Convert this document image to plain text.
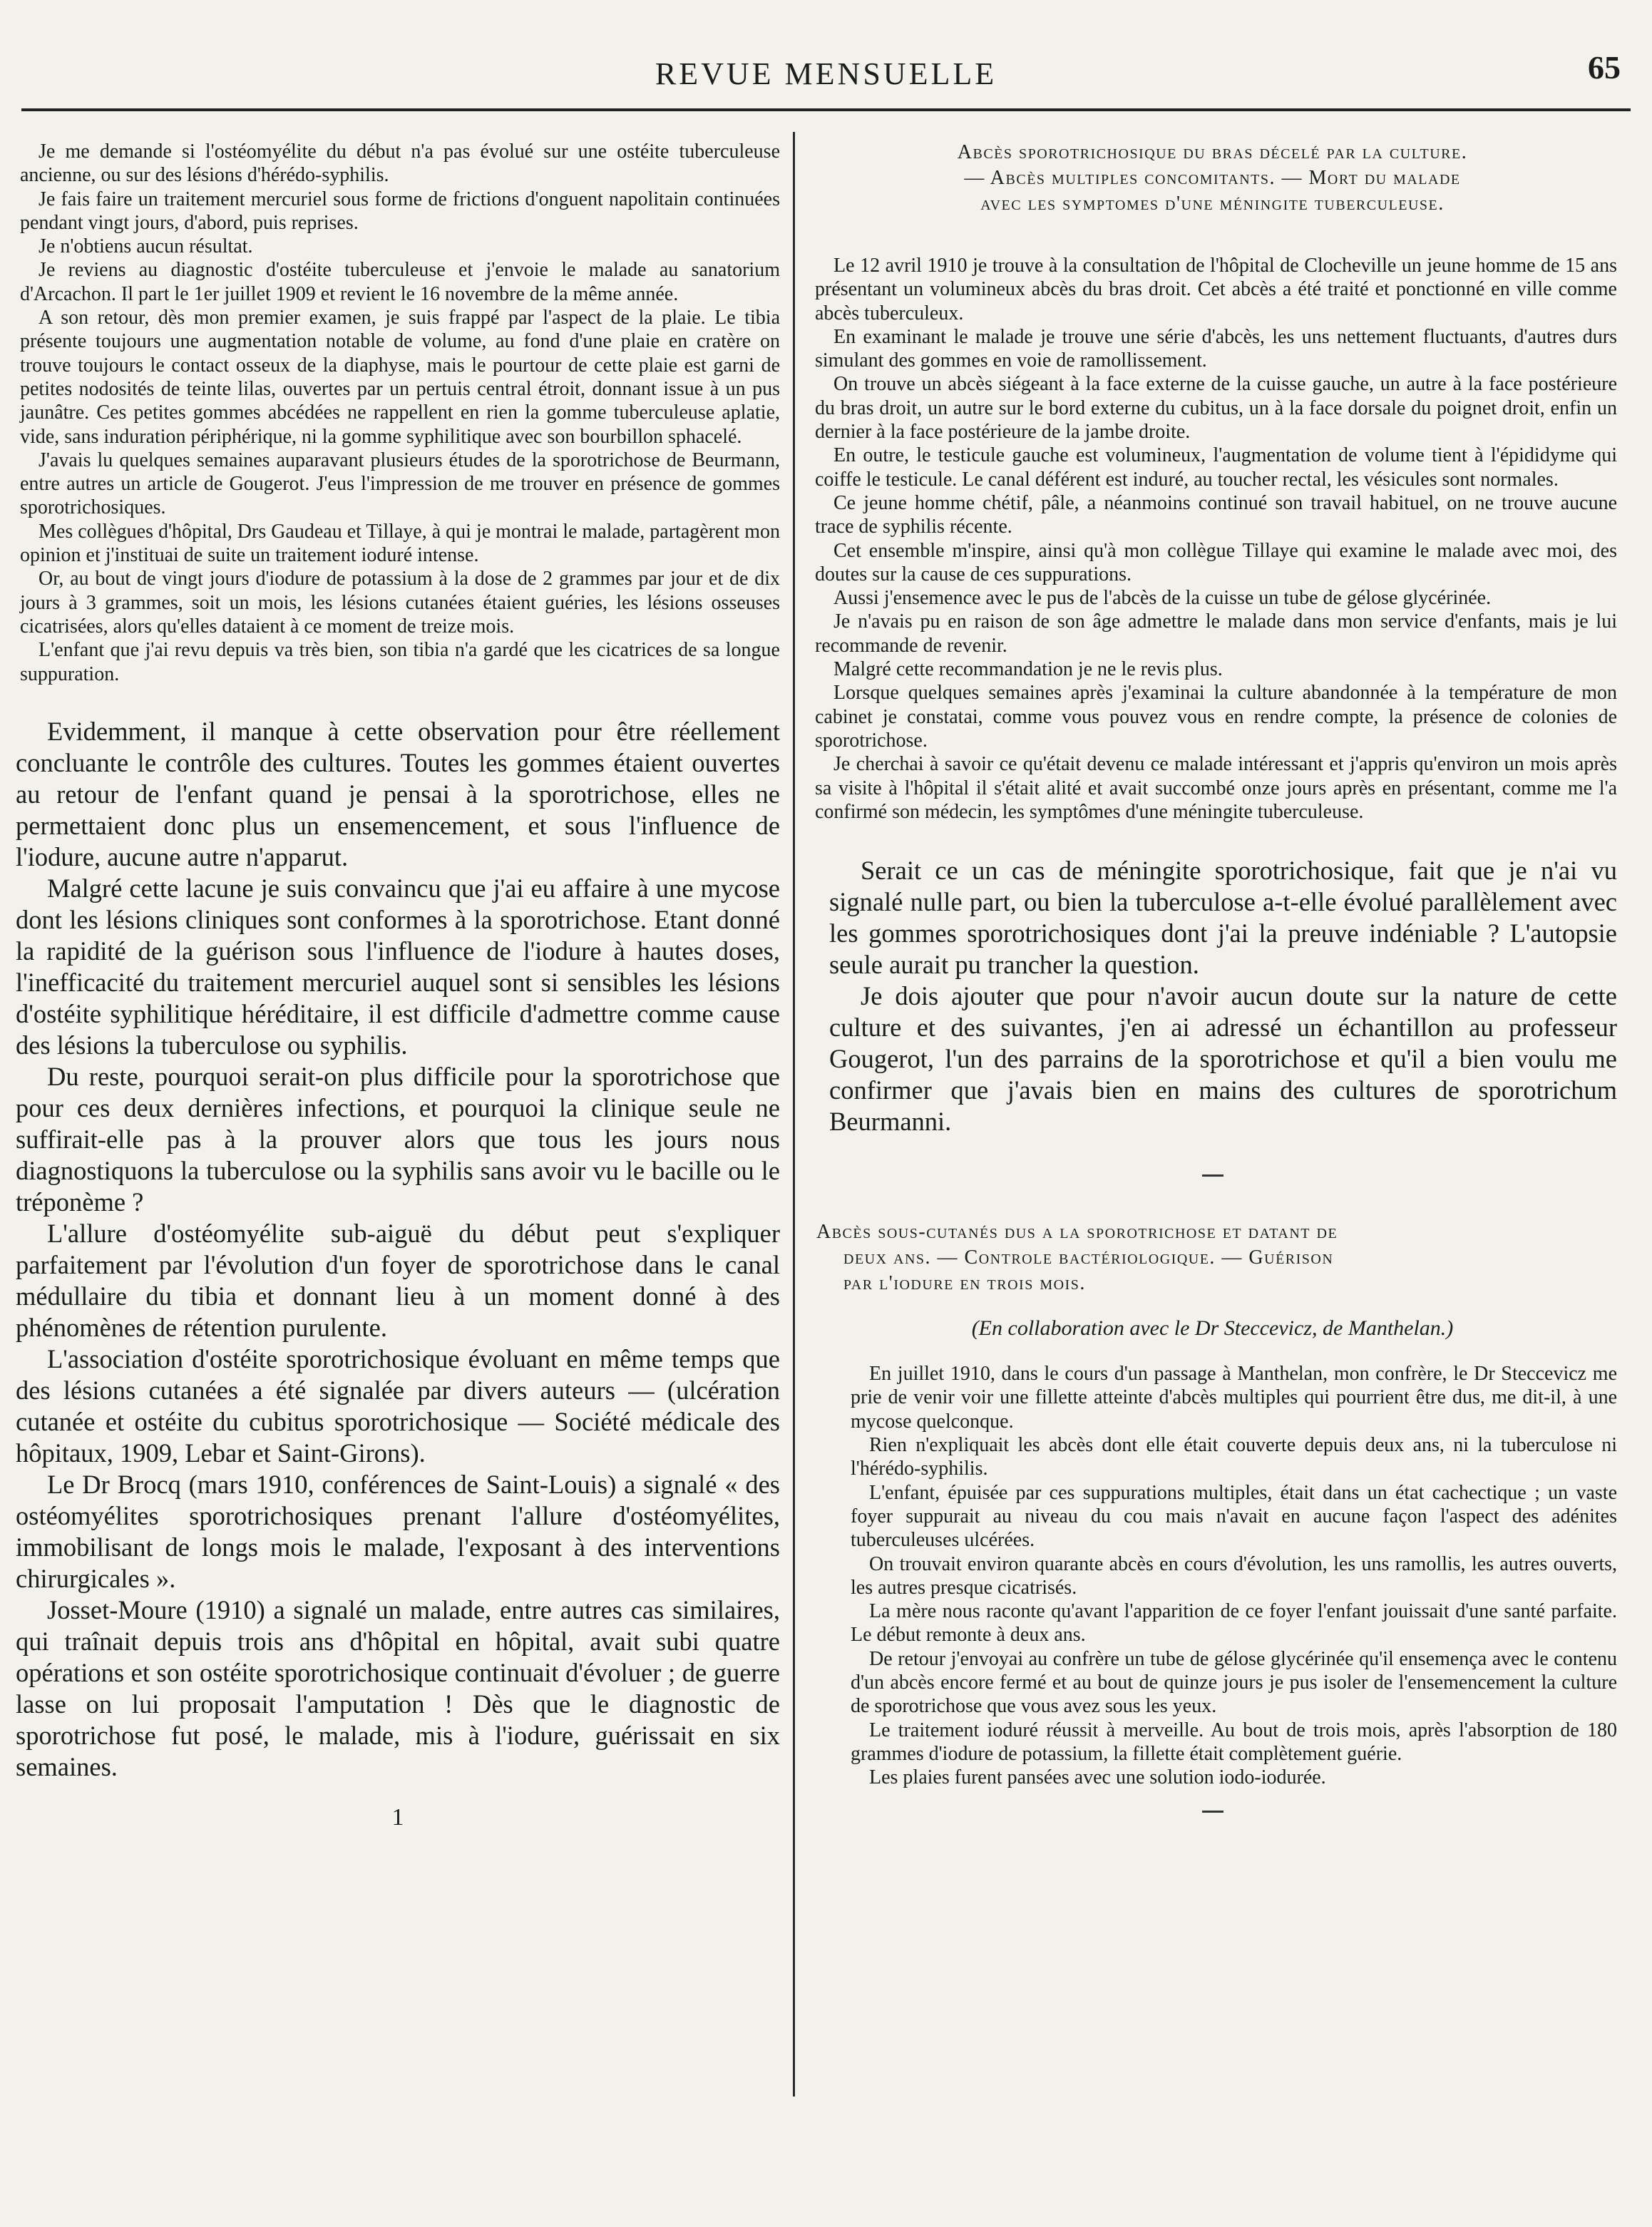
REVUE MENSUELLE	65

Je me demande si l'ostéomyélite du début n'a pas évolué sur une ostéite tuberculeuse ancienne, ou sur des lésions d'hérédo-syphilis.

Je fais faire un traitement mercuriel sous forme de frictions d'onguent napolitain continuées pendant vingt jours, d'abord, puis reprises.

Je n'obtiens aucun résultat.

Je reviens au diagnostic d'ostéite tuberculeuse et j'envoie le malade au sanatorium d'Arcachon. Il part le 1er juillet 1909 et revient le 16 novembre de la même année.

A son retour, dès mon premier examen, je suis frappé par l'aspect de la plaie. Le tibia présente toujours une augmentation notable de volume, au fond d'une plaie en cratère on trouve toujours le contact osseux de la diaphyse, mais le pourtour de cette plaie est garni de petites nodosités de teinte lilas, ouvertes par un pertuis central étroit, donnant issue à un pus jaunâtre. Ces petites gommes abcédées ne rappellent en rien la gomme tuberculeuse aplatie, vide, sans induration périphérique, ni la gomme syphilitique avec son bourbillon sphacelé.

J'avais lu quelques semaines auparavant plusieurs études de la sporotrichose de Beurmann, entre autres un article de Gougerot. J'eus l'impression de me trouver en présence de gommes sporotrichosiques.

Mes collègues d'hôpital, Drs Gaudeau et Tillaye, à qui je montrai le malade, partagèrent mon opinion et j'instituai de suite un traitement ioduré intense.

Or, au bout de vingt jours d'iodure de potassium à la dose de 2 grammes par jour et de dix jours à 3 grammes, soit un mois, les lésions cutanées étaient guéries, les lésions osseuses cicatrisées, alors qu'elles dataient à ce moment de treize mois.

L'enfant que j'ai revu depuis va très bien, son tibia n'a gardé que les cicatrices de sa longue suppuration.

Evidemment, il manque à cette observation pour être réellement concluante le contrôle des cultures. Toutes les gommes étaient ouvertes au retour de l'enfant quand je pensai à la sporotrichose, elles ne permettaient donc plus un ensemencement, et sous l'influence de l'iodure, aucune autre n'apparut.

Malgré cette lacune je suis convaincu que j'ai eu affaire à une mycose dont les lésions cliniques sont conformes à la sporotrichose. Etant donné la rapidité de la guérison sous l'influence de l'iodure à hautes doses, l'inefficacité du traitement mercuriel auquel sont si sensibles les lésions d'ostéite syphilitique héréditaire, il est difficile d'admettre comme cause des lésions la tuberculose ou syphilis.

Du reste, pourquoi serait-on plus difficile pour la sporotrichose que pour ces deux dernières infections, et pourquoi la clinique seule ne suffirait-elle pas à la prouver alors que tous les jours nous diagnostiquons la tuberculose ou la syphilis sans avoir vu le bacille ou le tréponème ?

L'allure d'ostéomyélite sub-aiguë du début peut s'expliquer parfaitement par l'évolution d'un foyer de sporotrichose dans le canal médullaire du tibia et donnant lieu à un moment donné à des phénomènes de rétention purulente.

L'association d'ostéite sporotrichosique évoluant en même temps que des lésions cutanées a été signalée par divers auteurs — (ulcération cutanée et ostéite du cubitus sporotrichosique — Société médicale des hôpitaux, 1909, Lebar et Saint-Girons).

Le Dr Brocq (mars 1910, conférences de Saint-Louis) a signalé « des ostéomyélites sporotrichosiques prenant l'allure d'ostéomyélites, immobilisant de longs mois le malade, l'exposant à des interventions chirurgicales ».

Josset-Moure (1910) a signalé un malade, entre autres cas similaires, qui traînait depuis trois ans d'hôpital en hôpital, avait subi quatre opérations et son ostéite sporotrichosique continuait d'évoluer ; de guerre lasse on lui proposait l'amputation ! Dès que le diagnostic de sporotrichose fut posé, le malade, mis à l'iodure, guérissait en six semaines.

1

Abcès sporotrichosique du bras décelé par la culture.

— Abcès multiples concomitants. — Mort du malade

avec les symptomes d'une méningite tuberculeuse.

Le 12 avril 1910 je trouve à la consultation de l'hôpital de Clocheville un jeune homme de 15 ans présentant un volumineux abcès du bras droit. Cet abcès a été traité et ponctionné en ville comme abcès tuberculeux.

En examinant le malade je trouve une série d'abcès, les uns nettement fluctuants, d'autres durs simulant des gommes en voie de ramollissement.

On trouve un abcès siégeant à la face externe de la cuisse gauche, un autre à la face postérieure du bras droit, un autre sur le bord externe du cubitus, un à la face dorsale du poignet droit, enfin un dernier à la face postérieure de la jambe droite.

En outre, le testicule gauche est volumineux, l'augmentation de volume tient à l'épididyme qui coiffe le testicule. Le canal déférent est induré, au toucher rectal, les vésicules sont normales.

Ce jeune homme chétif, pâle, a néanmoins continué son travail habituel, on ne trouve aucune trace de syphilis récente.

Cet ensemble m'inspire, ainsi qu'à mon collègue Tillaye qui examine le malade avec moi, des doutes sur la cause de ces suppurations.

Aussi j'ensemence avec le pus de l'abcès de la cuisse un tube de gélose glycérinée.

Je n'avais pu en raison de son âge admettre le malade dans mon service d'enfants, mais je lui recommande de revenir.

Malgré cette recommandation je ne le revis plus.

Lorsque quelques semaines après j'examinai la culture abandonnée à la température de mon cabinet je constatai, comme vous pouvez vous en rendre compte, la présence de colonies de sporotrichose.

Je cherchai à savoir ce qu'était devenu ce malade intéressant et j'appris qu'environ un mois après sa visite à l'hôpital il s'était alité et avait succombé onze jours après en présentant, comme me l'a confirmé son médecin, les symptômes d'une méningite tuberculeuse.

Serait ce un cas de méningite sporotrichosique, fait que je n'ai vu signalé nulle part, ou bien la tuberculose a-t-elle évolué parallèlement avec les gommes sporotrichosiques dont j'ai la preuve indéniable ? L'autopsie seule aurait pu trancher la question.

Je dois ajouter que pour n'avoir aucun doute sur la nature de cette culture et des suivantes, j'en ai adressé un échantillon au professeur Gougerot, l'un des parrains de la sporotrichose et qu'il a bien voulu me confirmer que j'avais bien en mains des cultures de sporotrichum Beurmanni.

Abcès sous-cutanés dus a la sporotrichose et datant de

deux ans. — Controle bactériologique. — Guérison

par l'iodure en trois mois.

(En collaboration avec le Dr Steccevicz, de Manthelan.)

En juillet 1910, dans le cours d'un passage à Manthelan, mon confrère, le Dr Steccevicz me prie de venir voir une fillette atteinte d'abcès multiples qui pourrient être dus, me dit-il, à une mycose quelconque.

Rien n'expliquait les abcès dont elle était couverte depuis deux ans, ni la tuberculose ni l'hérédo-syphilis.

L'enfant, épuisée par ces suppurations multiples, était dans un état cachectique ; un vaste foyer suppurait au niveau du cou mais n'avait en aucune façon l'aspect des adénites tuberculeuses ulcérées.

On trouvait environ quarante abcès en cours d'évolution, les uns ramollis, les autres ouverts, les autres presque cicatrisés.

La mère nous raconte qu'avant l'apparition de ce foyer l'enfant jouissait d'une santé parfaite. Le début remonte à deux ans.

De retour j'envoyai au confrère un tube de gélose glycérinée qu'il ensemença avec le contenu d'un abcès encore fermé et au bout de quinze jours je pus isoler de l'ensemencement la culture de sporotrichose que vous avez sous les yeux.

Le traitement ioduré réussit à merveille. Au bout de trois mois, après l'absorption de 180 grammes d'iodure de potassium, la fillette était complètement guérie.

Les plaies furent pansées avec une solution iodo-iodurée.
